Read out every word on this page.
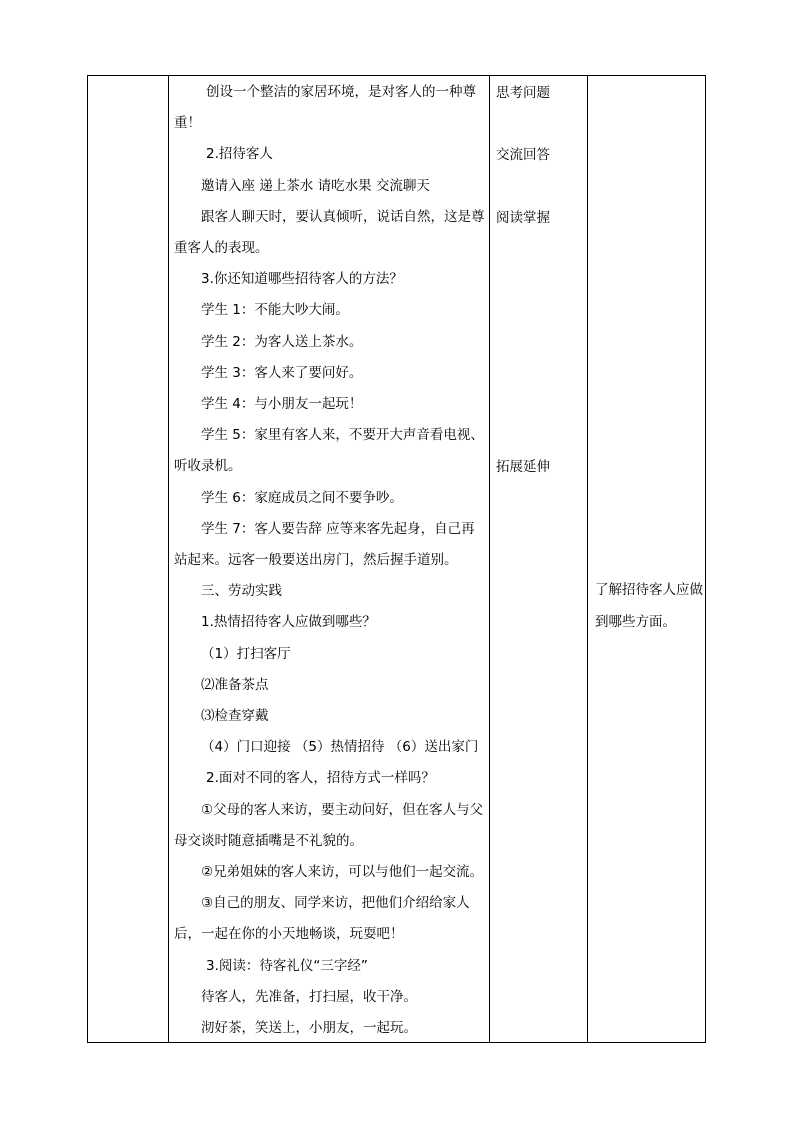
创设一个整洁的家居环境，是对客人的一种尊重！

2.招待客人

邀请入座 递上茶水 请吃水果 交流聊天

跟客人聊天时，要认真倾听，说话自然，这是尊重客人的表现。

3.你还知道哪些招待客人的方法？

学生 1：不能大吵大闹。

学生 2：为客人送上茶水。

学生 3：客人来了要问好。

学生 4：与小朋友一起玩！

学生 5：家里有客人来，不要开大声音看电视、听收录机。

学生 6：家庭成员之间不要争吵。

学生 7：客人要告辞 应等来客先起身，自己再站起来。远客一般要送出房门，然后握手道别。

三、劳动实践

1.热情招待客人应做到哪些？

（1）打扫客厅

⑵准备茶点

⑶检查穿戴

（4）门口迎接 （5）热情招待 （6）送出家门

2.面对不同的客人，招待方式一样吗？

①父母的客人来访，要主动问好，但在客人与父母交谈时随意插嘴是不礼貌的。

②兄弟姐妹的客人来访，可以与他们一起交流。

③自己的朋友、同学来访，把他们介绍给家人后，一起在你的小天地畅谈，玩耍吧！

3.阅读：待客礼仪“三字经”

待客人，先准备，打扫屋，收干净。

沏好茶，笑送上，小朋友，一起玩。

思考问题
交流回答
阅读掌握
拓展延伸
了解招待客人应做到哪些方面。
